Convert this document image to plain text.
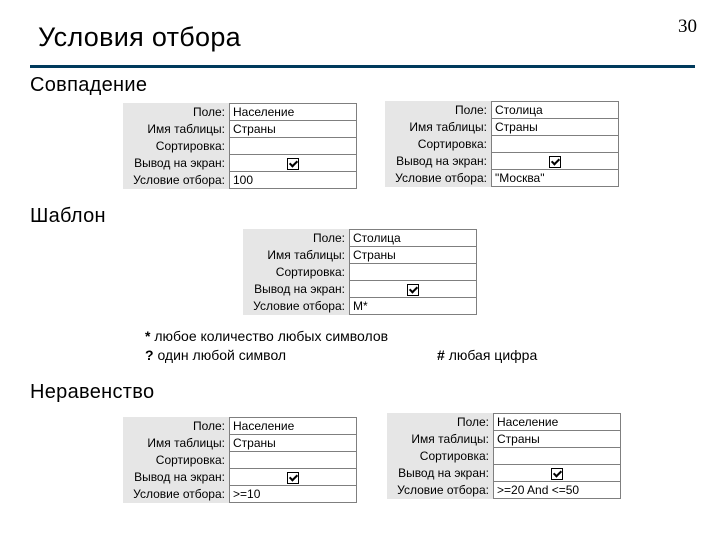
Условия отбора	30
Совпадение
Поле:	Население
Имя таблицы:	Страны
Сортировка:	
Вывод на экран:	
Условие отбора:	100
Поле:	Столица
Имя таблицы:	Страны
Сортировка:	
Вывод на экран:	
Условие отбора:	"Москва"
Шаблон
Поле:	Столица
Имя таблицы:	Страны
Сортировка:	
Вывод на экран:	
Условие отбора:	М*
* любое количество любых символов
? один любой символ	# любая цифра
Неравенство
Поле:	Население
Имя таблицы:	Страны
Сортировка:	
Вывод на экран:	
Условие отбора:	>=10
Поле:	Население
Имя таблицы:	Страны
Сортировка:	
Вывод на экран:	
Условие отбора:	>=20 And <=50
